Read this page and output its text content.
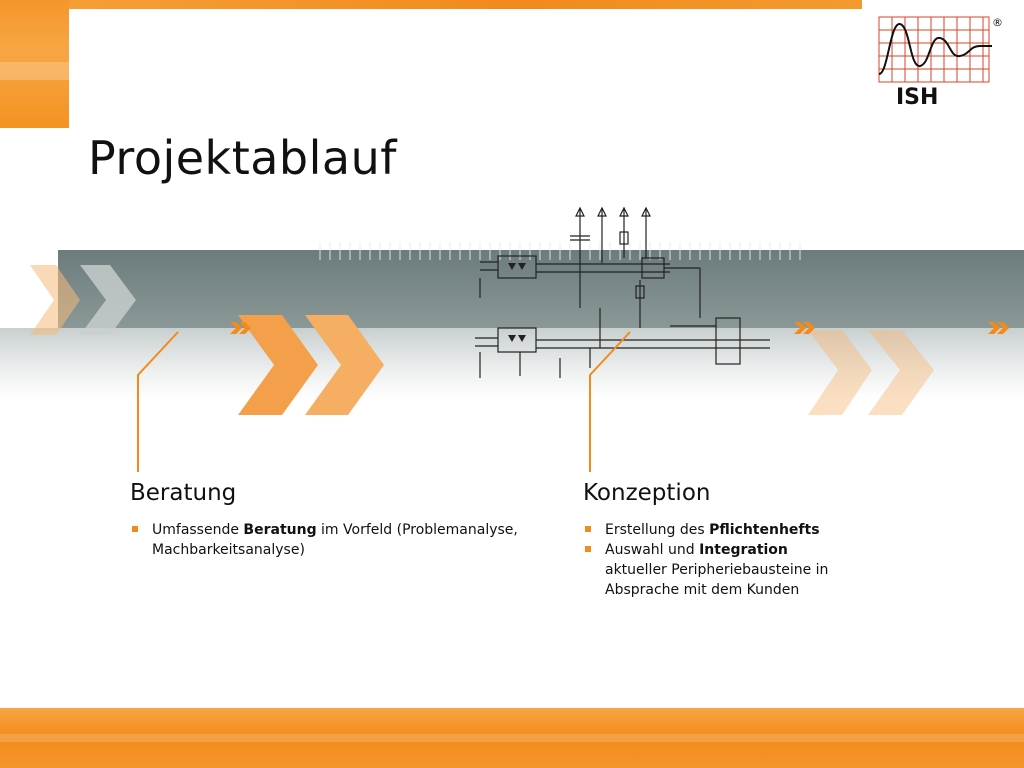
ISH
®
Projektablauf
Beratung
Umfassende Beratung im Vorfeld (Problemanalyse, Machbarkeitsanalyse)
Konzeption
Erstellung des Pflichtenhefts
Auswahl und Integration aktueller Peripheriebausteine in Absprache mit dem Kunden
